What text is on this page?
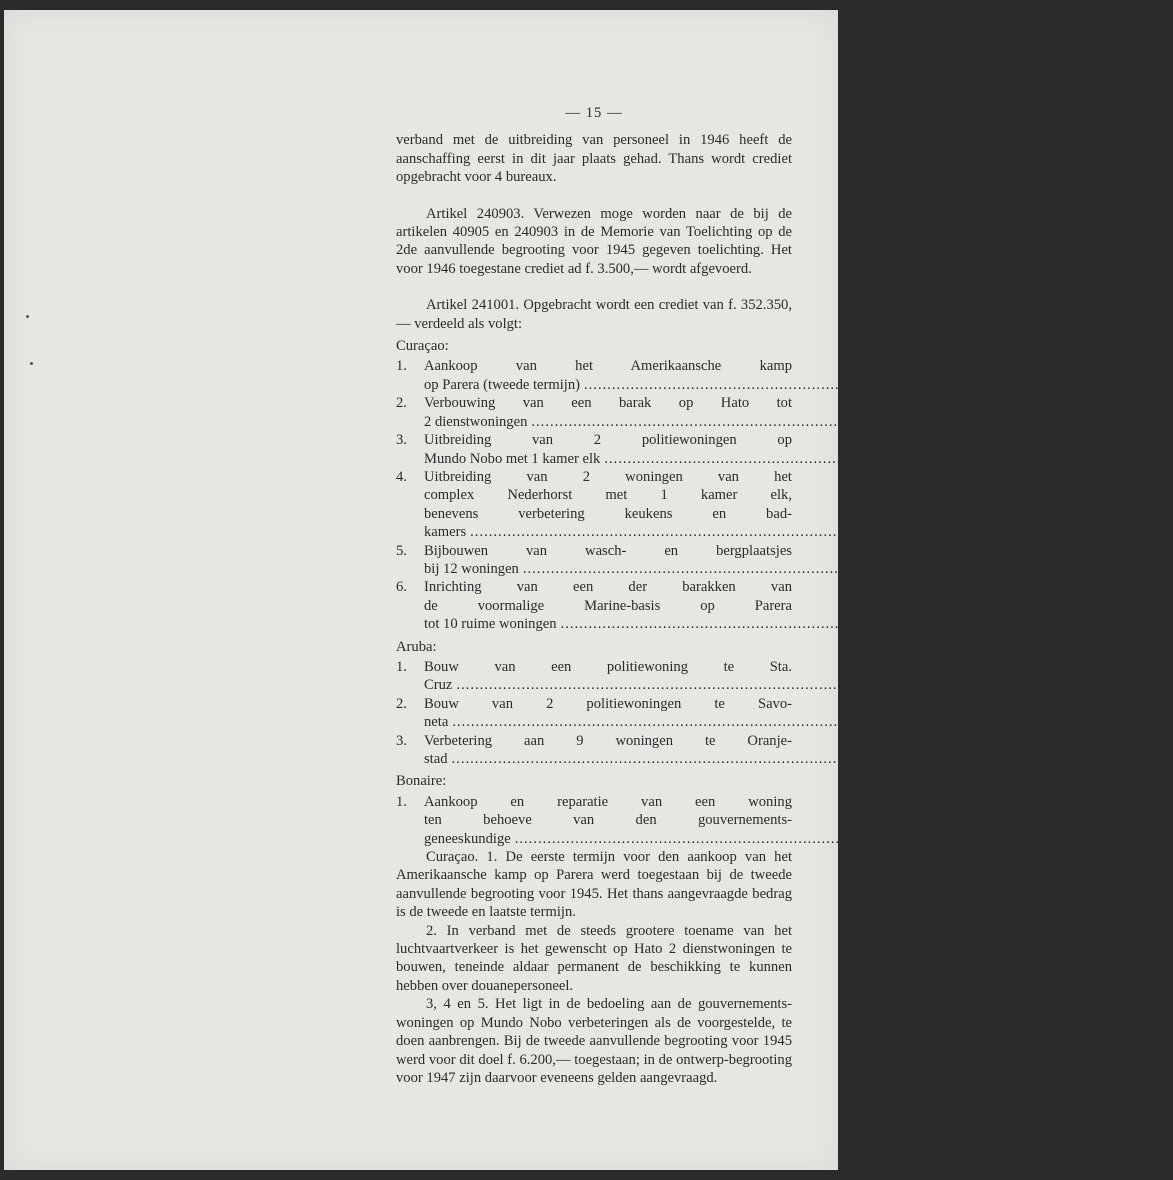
— 15 —

verband met de uitbreiding van personeel in 1946 heeft de aanschaffing eerst in dit jaar plaats gehad. Thans wordt crediet opgebracht voor 4 bureaux.

Artikel 240903. Verwezen moge worden naar de bij de artikelen 40905 en 240903 in de Memorie van Toelichting op de 2de aanvullende begrooting voor 1945 gegeven toelichting. Het voor 1946 toegestane crediet ad f. 3.500,— wordt afgevoerd.

Artikel 241001. Opgebracht wordt een crediet van f. 352.350,— verdeeld als volgt:

Curaçao:
1.	Aankoop van het Amerikaansche kamp
op Parera (tweede termijn) .................................................................................................... f. 143.500,—
2.	Verbouwing van een barak op Hato tot
2 dienstwoningen .................................................................................................... „	16.500,—
3.	Uitbreiding van 2 politiewoningen op
Mundo Nobo met 1 kamer elk .................................................................................................... „	6.200,—
4.	Uitbreiding van 2 woningen van het
complex Nederhorst met 1 kamer elk,
benevens verbetering keukens en bad-
kamers .................................................................................................... „	8.800,—
5.	Bijbouwen van wasch- en bergplaatsjes
bij 12 woningen .................................................................................................... „	14.400,—
6.	Inrichting van een der barakken van
de voormalige Marine-basis op Parera
tot 10 ruime woningen .................................................................................................... „	93.000,—
Aruba:
1.	Bouw van een politiewoning te Sta.
Cruz .................................................................................................... „	15.000,—
2.	Bouw van 2 politiewoningen te Savo-
neta .................................................................................................... „	30.000,—
3.	Verbetering aan 9 woningen te Oranje-
stad .................................................................................................... „	4.950,—
Bonaire:
1.	Aankoop en reparatie van een woning
ten behoeve van den gouvernements-
geneeskundige .................................................................................................... „	20.000,—

Curaçao. 1. De eerste termijn voor den aankoop van het Amerikaansche kamp op Parera werd toegestaan bij de tweede aanvullende begrooting voor 1945. Het thans aangevraagde bedrag is de tweede en laatste termijn.

2. In verband met de steeds grootere toename van het luchtvaartverkeer is het gewenscht op Hato 2 dienstwoningen te bouwen, teneinde aldaar permanent de beschikking te kunnen hebben over douanepersoneel.

3, 4 en 5. Het ligt in de bedoeling aan de gouvernements-woningen op Mundo Nobo verbeteringen als de voorgestelde, te doen aanbrengen. Bij de tweede aanvullende begrooting voor 1945 werd voor dit doel f. 6.200,— toegestaan; in de ontwerp-begrooting voor 1947 zijn daarvoor eveneens gelden aangevraagd.
